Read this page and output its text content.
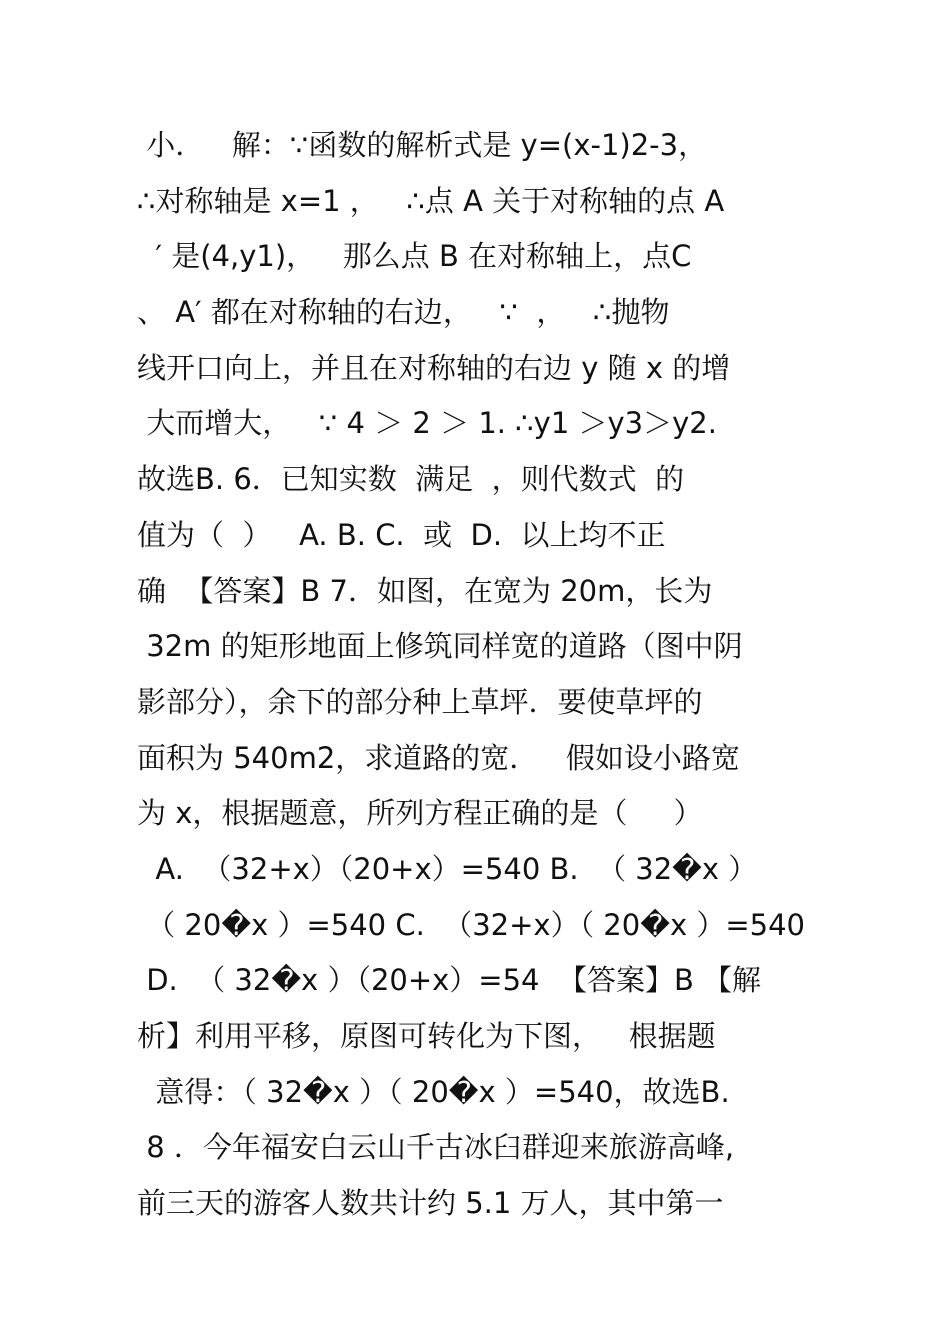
小．   解：∵函数的解析式是 y=(x-1)2-3，
∴对称轴是 x=1 ，   ∴点 A 关于对称轴的点 A
′ 是(4,y1)，   那么点 B 在对称轴上，点C
、 A′ 都在对称轴的右边，   ∵  ，   ∴抛物
线开口向上，并且在对称轴的右边 y 随 x 的增
大而增大，   ∵ 4 ＞ 2 ＞ 1. ∴y1 ＞y3＞y2.
故选B. 6．已知实数  满足  ，则代数式  的
值为（  ）   A. B. C.  或  D.  以上均不正
确  【答案】B 7．如图，在宽为 20m，长为
32m 的矩形地面上修筑同样宽的道路（图中阴
影部分），余下的部分种上草坪．要使草坪的
面积为 540m2，求道路的宽．   假如设小路宽
为 x，根据题意，所列方程正确的是（     ）
A.  （32+x）（20+x）=540 B.  （ 32�x ）
（ 20�x ）=540 C.  （32+x）（ 20�x ）=540
D.  （ 32�x ）（20+x）=54  【答案】B 【解
析】利用平移，原图可转化为下图，   根据题
意得：（ 32�x ）（ 20�x ）=540，故选B.
8 ．今年福安白云山千古冰臼群迎来旅游高峰,
前三天的游客人数共计约 5.1 万人，其中第一
